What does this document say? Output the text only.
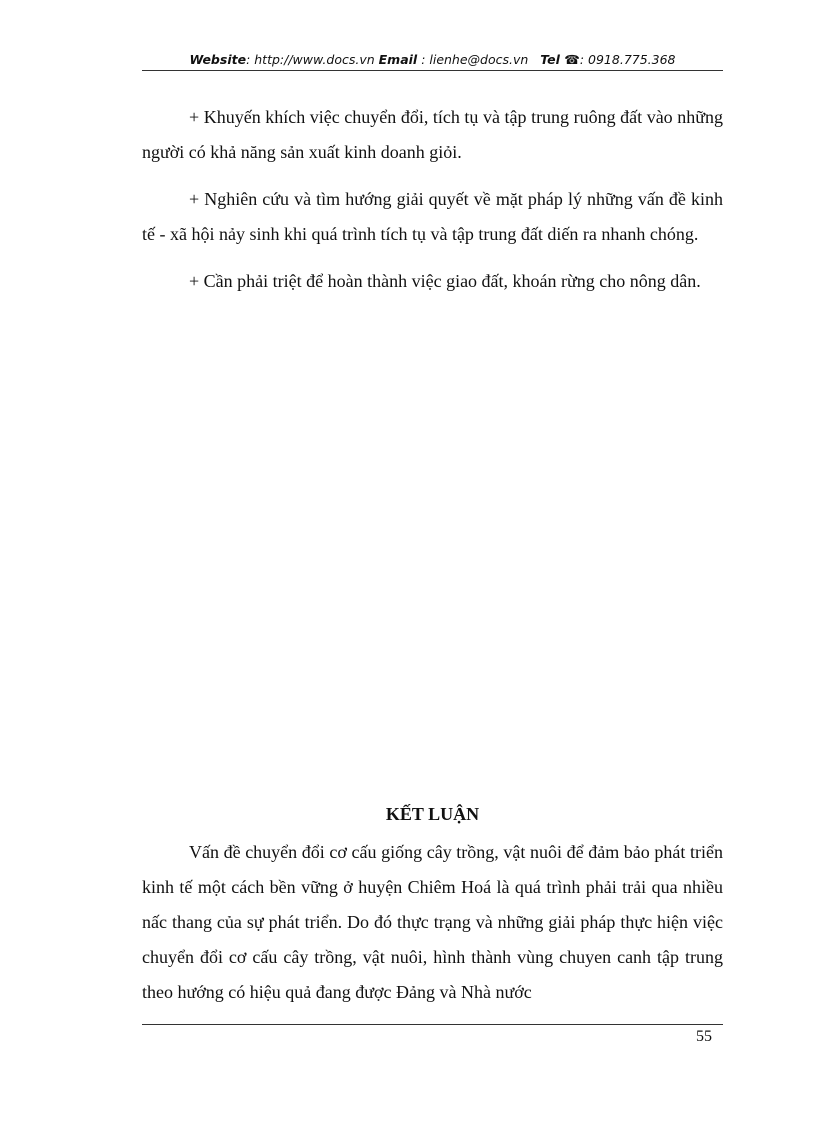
Website: http://www.docs.vn Email : lienhe@docs.vn Tel ☎: 0918.775.368

+ Khuyến khích việc chuyển đổi, tích tụ và tập trung ruông đất vào những người có khả năng sản xuất kinh doanh giỏi.

+ Nghiên cứu và tìm hướng giải quyết về mặt pháp lý những vấn đề kinh tế - xã hội nảy sinh khi quá trình tích tụ và tập trung đất diến ra nhanh chóng.

+ Cần phải triệt để hoàn thành việc giao đất, khoán rừng cho nông dân.

KẾT LUẬN

Vấn đề chuyển đổi cơ cấu giống cây trồng, vật nuôi để đảm bảo phát triển kinh tế một cách bền vững ở huyện Chiêm Hoá là quá trình phải trải qua nhiều nấc thang của sự phát triển. Do đó thực trạng và những giải pháp thực hiện việc chuyển đổi cơ cấu cây trồng, vật nuôi, hình thành vùng chuyen canh tập trung theo hướng có hiệu quả đang được Đảng và Nhà nước

55
